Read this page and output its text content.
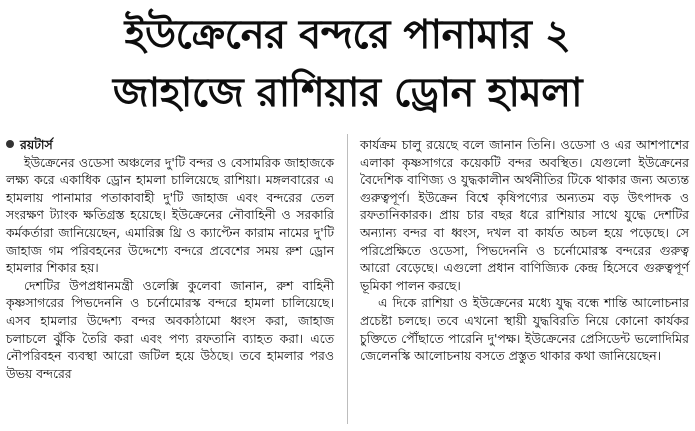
ইউক্রেনের বন্দরে পানামার ২
জাহাজে রাশিয়ার ড্রোন হামলা
রয়টার্স

ইউক্রেনের ওডেসা অঞ্চলের দু'টি বন্দর ও বেসামরিক জাহাজকে লক্ষ্য করে একাধিক ড্রোন হামলা চালিয়েছে রাশিয়া। মঙ্গলবারের এ হামলায় পানামার পতাকাবাহী দু'টি জাহাজ এবং বন্দরের তেল সংরক্ষণ ট্যাংক ক্ষতিগ্রস্ত হয়েছে। ইউক্রেনের নৌবাহিনী ও সরকারি কর্মকর্তারা জানিয়েছেন, এমারিক্স থ্রি ও ক্যাপ্টেন কারাম নামের দু'টি জাহাজ গম পরিবহনের উদ্দেশ্যে বন্দরে প্রবেশের সময় রুশ ড্রোন হামলার শিকার হয়।

দেশটির উপপ্রধানমন্ত্রী ওলেক্সি কুলেবা জানান, রুশ বাহিনী কৃষ্ণসাগরের পিভদেননি ও চর্নোমোরস্ক বন্দরে হামলা চালিয়েছে। এসব হামলার উদ্দেশ্য বন্দর অবকাঠামো ধ্বংস করা, জাহাজ চলাচলে ঝুঁকি তৈরি করা এবং পণ্য রফতানি ব্যাহত করা। এতে নৌপরিবহন ব্যবস্থা আরো জটিল হয়ে উঠছে। তবে হামলার পরও উভয় বন্দরের

কার্যক্রম চালু রয়েছে বলে জানান তিনি। ওডেসা ও এর আশপাশের এলাকা কৃষ্ণসাগরে কয়েকটি বন্দর অবস্থিত। যেগুলো ইউক্রেনের বৈদেশিক বাণিজ্য ও যুদ্ধকালীন অর্থনীতির টিকে থাকার জন্য অত্যন্ত গুরুত্বপূর্ণ। ইউক্রেন বিশ্বে কৃষিপণ্যের অন্যতম বড় উৎপাদক ও রফতানিকারক। প্রায় চার বছর ধরে রাশিয়ার সাথে যুদ্ধে দেশটির অন্যান্য বন্দর বা ধ্বংস, দখল বা কার্যত অচল হয়ে পড়েছে। সে পরিপ্রেক্ষিতে ওডেসা, পিভদেননি ও চর্নোমোরস্ক বন্দরের গুরুত্ব আরো বেড়েছে। এগুলো প্রধান বাণিজ্যিক কেন্দ্র হিসেবে গুরুত্বপূর্ণ ভূমিকা পালন করছে।

এ দিকে রাশিয়া ও ইউক্রেনের মধ্যে যুদ্ধ বন্ধে শান্তি আলোচনার প্রচেষ্টা চলছে। তবে এখনো স্থায়ী যুদ্ধবিরতি নিয়ে কোনো কার্যকর চুক্তিতে পৌঁছাতে পারেনি দু'পক্ষ। ইউক্রেনের প্রেসিডেন্ট ভলোদিমির জেলেনস্কি আলোচনায় বসতে প্রস্তুত থাকার কথা জানিয়েছেন।
